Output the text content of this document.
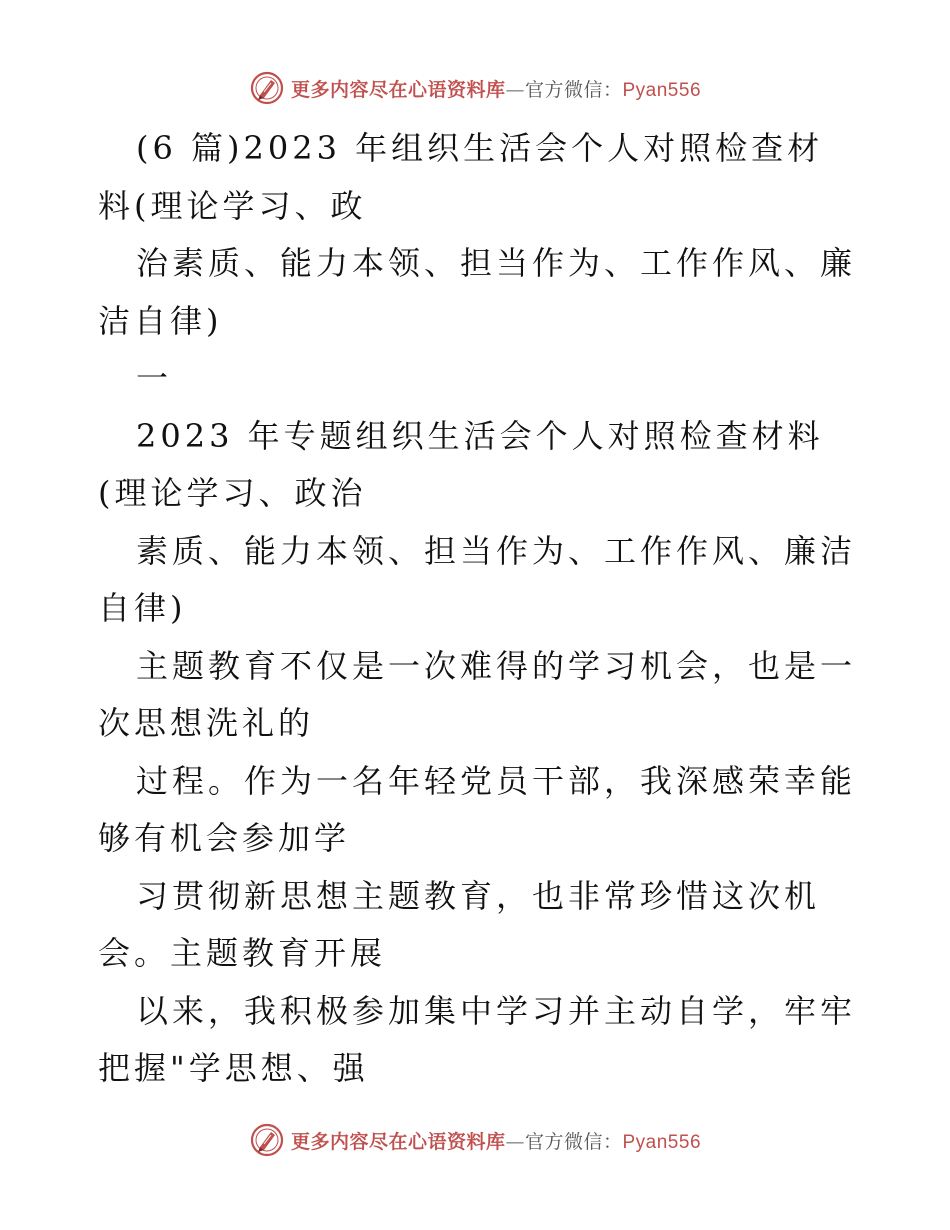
更多内容尽在心语资料库—官方微信：Pyan556

(6 篇)2023 年组织生活会个人对照检查材料(理论学习、政

治素质、能力本领、担当作为、工作作风、廉洁自律)

一

2023 年专题组织生活会个人对照检查材料(理论学习、政治

素质、能力本领、担当作为、工作作风、廉洁自律)

主题教育不仅是一次难得的学习机会，也是一次思想洗礼的

过程。作为一名年轻党员干部，我深感荣幸能够有机会参加学

习贯彻新思想主题教育，也非常珍惜这次机会。主题教育开展

以来，我积极参加集中学习并主动自学，牢牢把握"学思想、强

更多内容尽在心语资料库—官方微信：Pyan556
